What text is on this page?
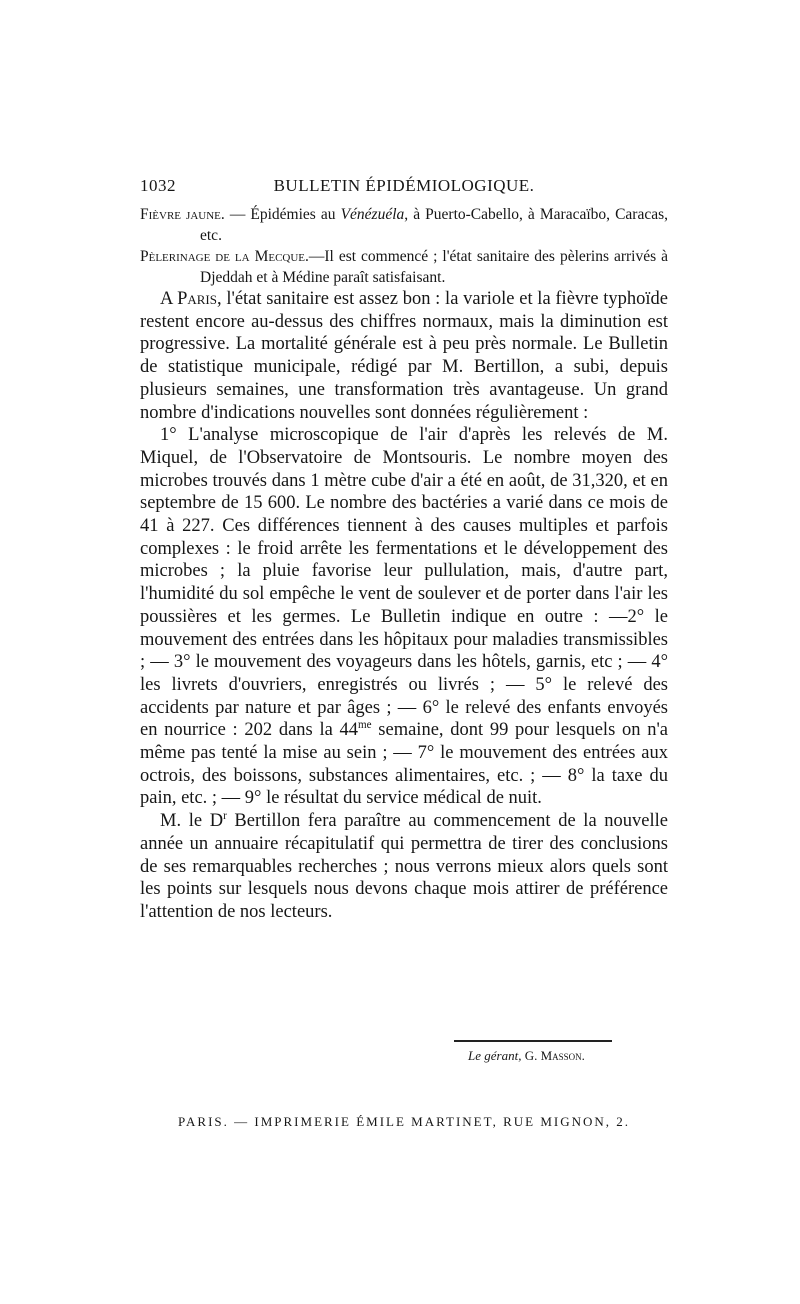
1032	BULLETIN ÉPIDÉMIOLOGIQUE.
Fièvre jaune. — Épidémies au Vénézuéla, à Puerto-Cabello, à Maracaïbo, Caracas, etc.
Pèlerinage de la Mecque.—Il est commencé ; l'état sanitaire des pèlerins arrivés à Djeddah et à Médine paraît satisfaisant.

A Paris, l'état sanitaire est assez bon : la variole et la fièvre typhoïde restent encore au-dessus des chiffres normaux, mais la diminution est progressive. La mortalité générale est à peu près normale. Le Bulletin de statistique municipale, rédigé par M. Bertillon, a subi, depuis plusieurs semaines, une transformation très avantageuse. Un grand nombre d'indications nouvelles sont données régulièrement :

1° L'analyse microscopique de l'air d'après les relevés de M. Miquel, de l'Observatoire de Montsouris. Le nombre moyen des microbes trouvés dans 1 mètre cube d'air a été en août, de 31,320, et en septembre de 15 600. Le nombre des bactéries a varié dans ce mois de 41 à 227. Ces différences tiennent à des causes multiples et parfois complexes : le froid arrête les fermentations et le développement des microbes ; la pluie favorise leur pullulation, mais, d'autre part, l'humidité du sol empêche le vent de soulever et de porter dans l'air les poussières et les germes. Le Bulletin indique en outre : —2° le mouvement des entrées dans les hôpitaux pour maladies transmissibles ; — 3° le mouvement des voyageurs dans les hôtels, garnis, etc ; — 4° les livrets d'ouvriers, enregistrés ou livrés ; — 5° le relevé des accidents par nature et par âges ; — 6° le relevé des enfants envoyés en nourrice : 202 dans la $44^{me}$ semaine, dont 99 pour lesquels on n'a même pas tenté la mise au sein ; — 7° le mouvement des entrées aux octrois, des boissons, substances alimentaires, etc. ; — 8° la taxe du pain, etc. ; — 9° le résultat du service médical de nuit.

M. le $D^r$ Bertillon fera paraître au commencement de la nouvelle année un annuaire récapitulatif qui permettra de tirer des conclusions de ses remarquables recherches ; nous verrons mieux alors quels sont les points sur lesquels nous devons chaque mois attirer de préférence l'attention de nos lecteurs.

Le gérant, G. Masson.
PARIS. — IMPRIMERIE ÉMILE MARTINET, RUE MIGNON, 2.
